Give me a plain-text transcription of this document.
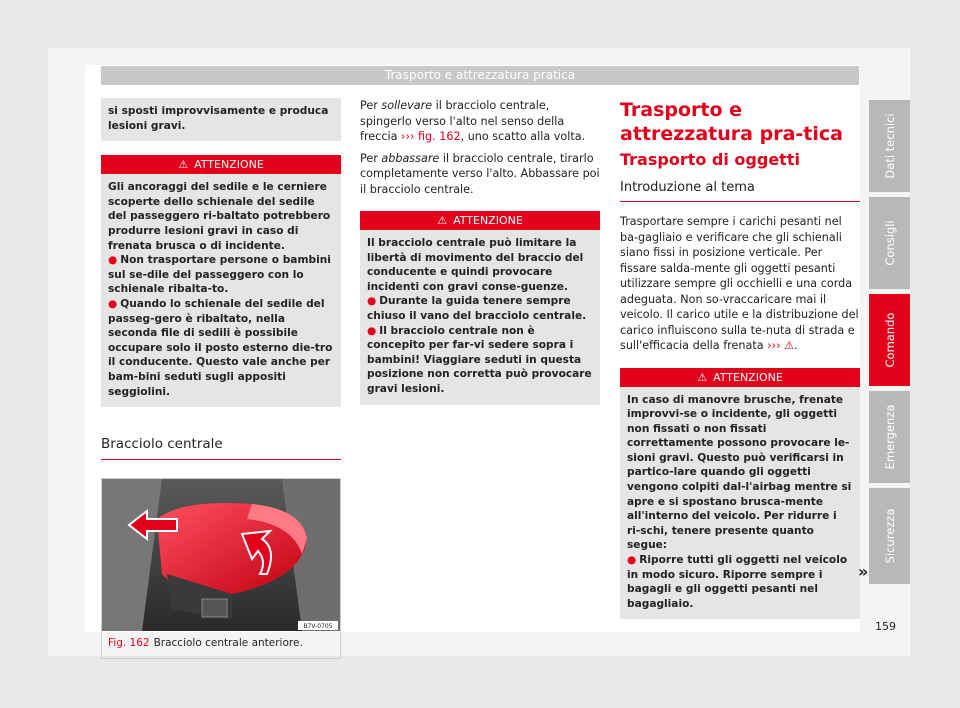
Trasporto e attrezzatura pratica
si sposti improvvisamente e produca lesioni gravi.
⚠ ATTENZIONE
Gli ancoraggi del sedile e le cerniere scoperte dello schienale del sedile del passeggero ri-baltato potrebbero produrre lesioni gravi in caso di frenata brusca o di incidente.
● Non trasportare persone o bambini sul se-dile del passeggero con lo schienale ribalta-to.
● Quando lo schienale del sedile del passeg-gero è ribaltato, nella seconda file di sedili è possibile occupare solo il posto esterno die-tro il conducente. Questo vale anche per bam-bini seduti sugli appositi seggiolini.
Bracciolo centrale
B7V-0705
Fig. 162 Bracciolo centrale anteriore.

Per sollevare il bracciolo centrale, spingerlo verso l'alto nel senso della freccia ››› fig. 162, uno scatto alla volta.

Per abbassare il bracciolo centrale, tirarlo completamente verso l'alto. Abbassare poi il bracciolo centrale.

⚠ ATTENZIONE
Il bracciolo centrale può limitare la libertà di movimento del braccio del conducente e quindi provocare incidenti con gravi conse-guenze.
● Durante la guida tenere sempre chiuso il vano del bracciolo centrale.
● Il bracciolo centrale non è concepito per far-vi sedere sopra i bambini! Viaggiare seduti in questa posizione non corretta può provocare gravi lesioni.
Trasporto e attrezzatura pra-tica
Trasporto di oggetti
Introduzione al tema

Trasportare sempre i carichi pesanti nel ba-gagliaio e verificare che gli schienali siano fissi in posizione verticale. Per fissare salda-mente gli oggetti pesanti utilizzare sempre gli occhielli e una corda adeguata. Non so-vraccaricare mai il veicolo. Il carico utile e la distribuzione del carico influiscono sulla te-nuta di strada e sull'efficacia della frenata ››› ⚠.

⚠ ATTENZIONE
In caso di manovre brusche, frenate improvvi-se o incidente, gli oggetti non fissati o non fissati correttamente possono provocare le-sioni gravi. Questo può verificarsi in partico-lare quando gli oggetti vengono colpiti dal-l'airbag mentre si apre e si spostano brusca-mente all'interno del veicolo. Per ridurre i ri-schi, tenere presente quanto segue:
● Riporre tutti gli oggetti nel veicolo in modo sicuro. Riporre sempre i bagagli e gli oggetti pesanti nel bagagliaio.
»
Dati tecnici
Consigli
Comando
Emergenza
Sicurezza
159
